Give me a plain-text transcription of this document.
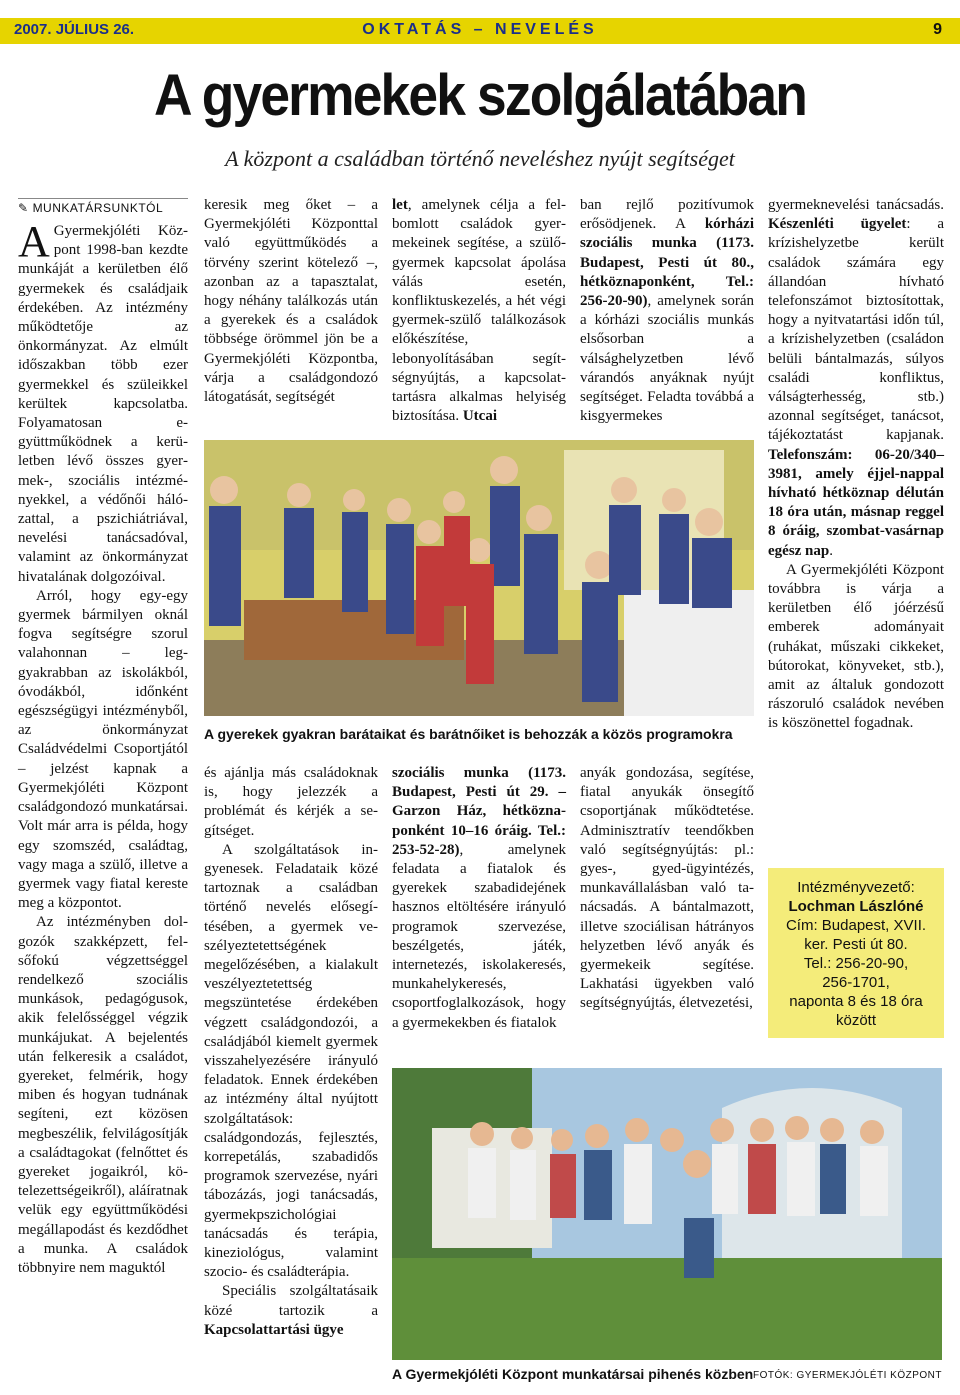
2007. JÚLIUS 26.	OKTATÁS – NEVELÉS	9
A gyermekek szolgálatában
A központ a családban történő neveléshez nyújt segítséget
✎ MUNKATÁRSUNKTÓL

A Gyermekjóléti Központ 1998-ban kezdte munkáját a kerületben élő gyermekek és családjaik érdekében. Az intézmény működtetője az önkormányzat. Az elmúlt időszakban több ezer gyermekkel és szüleikkel kerültek kapcsolatba. Folyamatosan együttműködnek a kerületben lévő összes gyermek-, szociális intézményekkel, a védőnői hálózattal, a pszichiátriával, nevelési tanácsadóval, valamint az önkormányzat hivatalának dolgozóival.

Arról, hogy egy-egy gyermek bármilyen oknál fogva segítségre szorul valahonnan – leggyakrabban az iskolákból, óvodákból, időnként egészségügyi intézményből, az önkormányzat Családvédelmi Csoportjától – jelzést kapnak a Gyermekjóléti Központ családgondozó munkatársai. Volt már arra is példa, hogy egy szomszéd, családtag, vagy maga a szülő, illetve a gyermek vagy fiatal kereste meg a központot.

Az intézményben dolgozók szakképzett, felsőfokú végzettséggel rendelkező szociális munkások, pedagógusok, akik felelősséggel végzik munkájukat. A bejelentés után felkeresik a családot, gyereket, felmérik, hogy miben és hogyan tudnának segíteni, ezt közösen megbeszélik, felvilágosítják a családtagokat (felnőttet és gyereket jogaikról, kötelezettségeikről), aláíratnak velük egy együttműködési megállapodást és kezdődhet a munka. A családok többnyire nem maguktól

keresik meg őket – a Gyermekjóléti Központtal való együttműködés a törvény szerint kötelező –, azonban az a tapasztalat, hogy néhány találkozás után a gyerekek és a családok többsége örömmel jön be a Gyermekjóléti Központba, várja a családgondozó látogatását, segítségét

let, amelynek célja a felbomlott családok gyermekeinek segítése, a szülő-gyermek kapcsolat ápolása válás esetén, konfliktuskezelés, a hét végi gyermek-szülő találkozások előkészítése, lebonyolításában segítségnyújtás, a kapcsolattartásra alkalmas helyiség biztosítása. Utcai

ban rejlő pozitívumok erősödjenek. A kórházi szociális munka (1173. Budapest, Pesti út 80., hétköznaponként, Tel.: 256-20-90), amelynek során a kórházi szociális munkás elsősorban a válsághelyzetben lévő várandós anyáknak nyújt segítséget. Feladta továbbá a kisgyermekes

gyermeknevelési tanácsadás. Készenléti ügyelet: a krízishelyzetbe került családok számára egy állandóan hívható telefonszámot biztosítottak, hogy a nyitvatartási időn túl, a krízishelyzetben (családon belüli bántalmazás, súlyos családi konfliktus, válságterhesség, stb.) azonnal segítséget, tanácsot, tájékoztatást kapjanak. Telefonszám: 06-20/340–3981, amely éjjel-nappal hívható hétköznap délután 18 óra után, másnap reggel 8 óráig, szombat-vasárnap egész nap.

A Gyermekjóléti Központ továbbra is várja a kerületben élő jóérzésű emberek adományait (ruhákat, műszaki cikkeket, bútorokat, könyveket, stb.), amit az általuk gondozott rászoruló családok nevében is köszönettel fogadnak.

A gyerekek gyakran barátaikat és barátnőiket is behozzák a közös programokra

és ajánlja más családoknak is, hogy jelezzék a problémát és kérjék a segítséget.

A szolgáltatások ingyenesek. Feladataik közé tartoznak a családban történő nevelés elősegítésében, a gyermek veszélyeztetettségének megelőzésében, a kialakult veszélyeztetettség megszüntetése érdekében végzett családgondozói, a családjából kiemelt gyermek visszahelyezésére irányuló feladatok. Ennek érdekében az intézmény által nyújtott szolgáltatások: családgondozás, fejlesztés, korrepetálás, szabadidős programok szervezése, nyári tábozázás, jogi tanácsadás, gyermekpszichológiai tanácsadás és terápia, kineziológus, valamint szocio- és családterápia.

Speciális szolgáltatásaik közé tartozik a Kapcsolattartási ügye

szociális munka (1173. Budapest, Pesti út 29. – Garzon Ház, hétköznaponként 10–16 óráig. Tel.: 253-52-28), amelynek feladata a fiatalok és gyerekek szabadidejének hasznos eltöltésére irányuló programok szervezése, beszélgetés, játék, internetezés, iskolakeresés, munkahelykeresés, csoportfoglalkozások, hogy a gyermekekben és fiatalok

anyák gondozása, segítése, fiatal anyukák önsegítő csoportjának működtetése. Adminisztratív teendőkben való segítségnyújtás: pl.: gyes-, gyed-ügyintézés, munkavállalásban való tanácsadás. A bántalmazott, illetve szociálisan hátrányos helyzetben lévő anyák és gyermekeik segítése. Lakhatási ügyekben való segítségnyújtás, életvezetési,

Intézményvezető:
Lochman Lászlóné
Cím: Budapest, XVII.
ker. Pesti út 80.
Tel.: 256-20-90,
256-1701,
naponta 8 és 18 óra
között
A Gyermekjóléti Központ munkatársai pihenés közben FOTÓK: GYERMEKJÓLÉTI KÖZPONT
